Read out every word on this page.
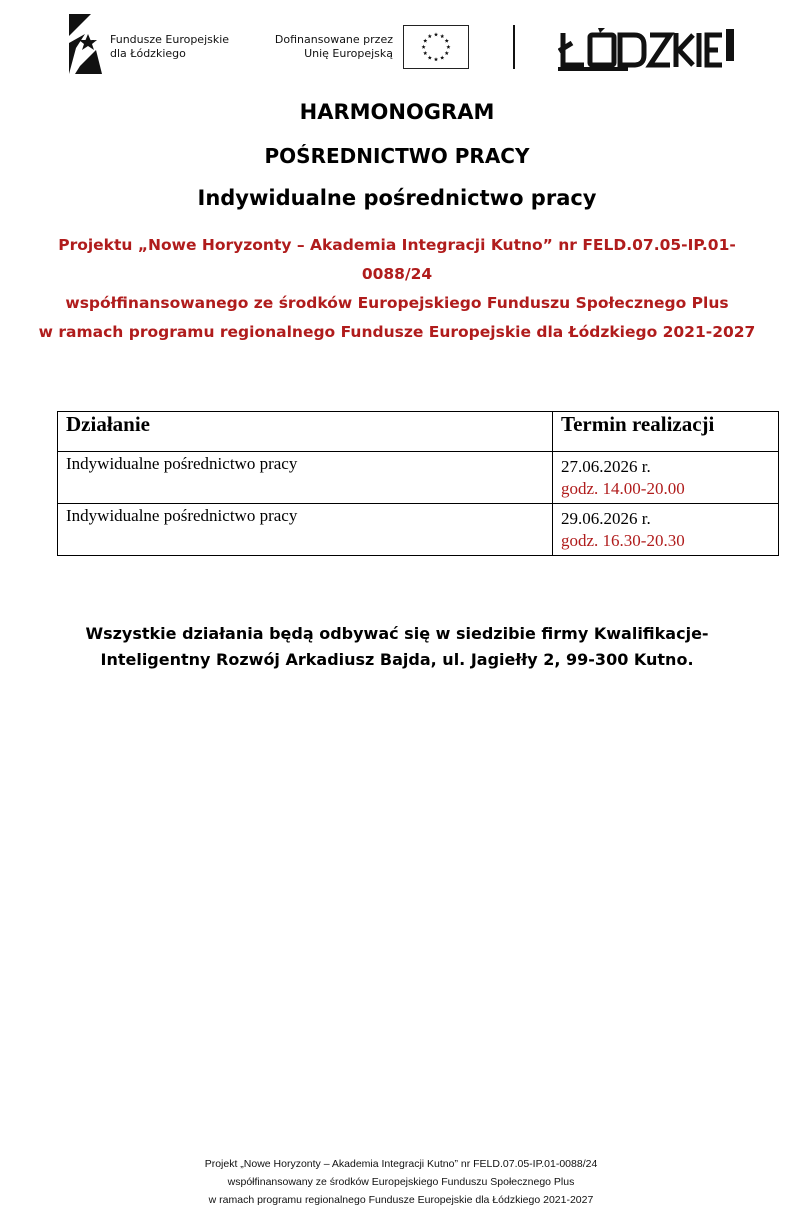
Fundusze Europejskie
dla Łódzkiego
Dofinansowane przez
Unię Europejską
HARMONOGRAM
POŚREDNICTWO PRACY
Indywidualne pośrednictwo pracy
Projektu „Nowe Horyzonty – Akademia Integracji Kutno” nr FELD.07.05-IP.01-
0088/24
współfinansowanego ze środków Europejskiego Funduszu Społecznego Plus
w ramach programu regionalnego Fundusze Europejskie dla Łódzkiego 2021-2027
Działanie	Termin realizacji
Indywidualne pośrednictwo pracy	27.06.2026 r.
godz. 14.00-20.00

Indywidualne pośrednictwo pracy	29.06.2026 r.
godz. 16.30-20.30
Wszystkie działania będą odbywać się w siedzibie firmy Kwalifikacje-
Inteligentny Rozwój Arkadiusz Bajda, ul. Jagiełły 2, 99-300 Kutno.
Projekt „Nowe Horyzonty – Akademia Integracji Kutno” nr FELD.07.05-IP.01-0088/24
współfinansowany ze środków Europejskiego Funduszu Społecznego Plus
w ramach programu regionalnego Fundusze Europejskie dla Łódzkiego 2021-2027
